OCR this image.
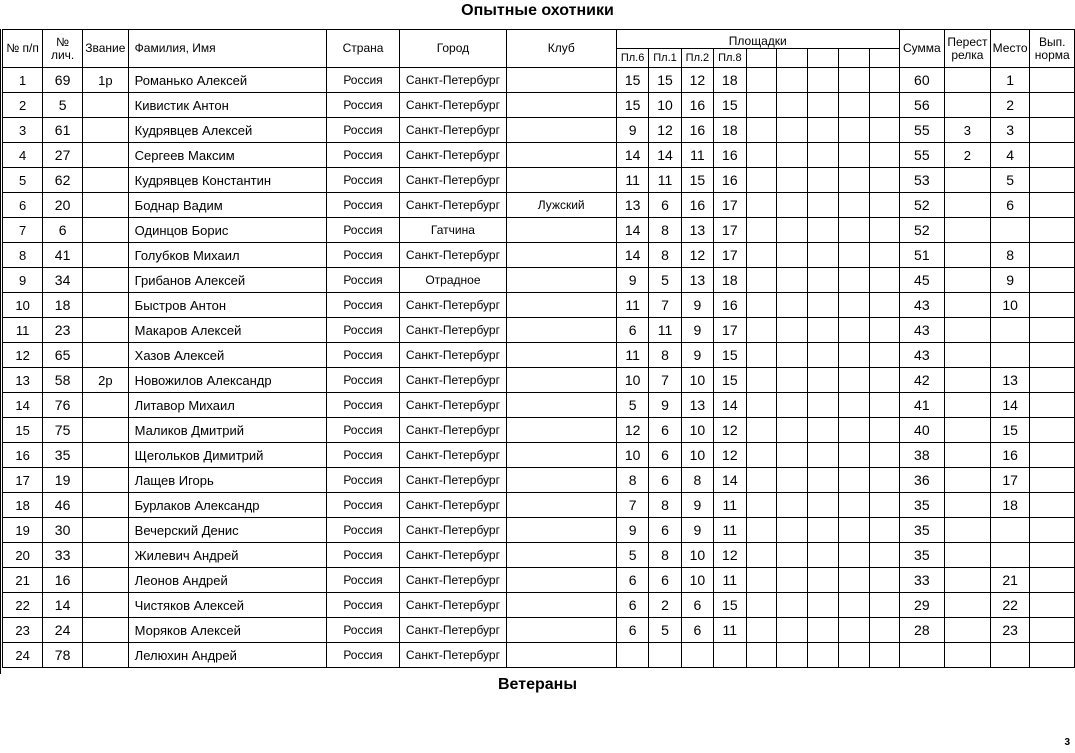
Опытные охотники
№ п/п	№ лич.	Звание	Фамилия, Имя	Страна	Город	Клуб	Площадки									Сумма	Перест релка	Место	Вып. норма
							Пл.6	Пл.1	Пл.2	Пл.8									
1	69	1р	Романько Алексей	Россия	Санкт-Петербург		15	15	12	18						60		1	
2	5		Кивистик Антон	Россия	Санкт-Петербург		15	10	16	15						56		2	
3	61		Кудрявцев Алексей	Россия	Санкт-Петербург		9	12	16	18						55	3	3	
4	27		Сергеев Максим	Россия	Санкт-Петербург		14	14	11	16						55	2	4	
5	62		Кудрявцев Константин	Россия	Санкт-Петербург		11	11	15	16						53		5	
6	20		Боднар Вадим	Россия	Санкт-Петербург	Лужский	13	6	16	17						52		6	
7	6		Одинцов Борис	Россия	Гатчина		14	8	13	17						52			
8	41		Голубков Михаил	Россия	Санкт-Петербург		14	8	12	17						51		8	
9	34		Грибанов Алексей	Россия	Отрадное		9	5	13	18						45		9	
10	18		Быстров Антон	Россия	Санкт-Петербург		11	7	9	16						43		10	
11	23		Макаров Алексей	Россия	Санкт-Петербург		6	11	9	17						43			
12	65		Хазов Алексей	Россия	Санкт-Петербург		11	8	9	15						43			
13	58	2р	Новожилов Александр	Россия	Санкт-Петербург		10	7	10	15						42		13	
14	76		Литавор Михаил	Россия	Санкт-Петербург		5	9	13	14						41		14	
15	75		Маликов Дмитрий	Россия	Санкт-Петербург		12	6	10	12						40		15	
16	35		Щегольков Димитрий	Россия	Санкт-Петербург		10	6	10	12						38		16	
17	19		Лащев Игорь	Россия	Санкт-Петербург		8	6	8	14						36		17	
18	46		Бурлаков Александр	Россия	Санкт-Петербург		7	8	9	11						35		18	
19	30		Вечерский Денис	Россия	Санкт-Петербург		9	6	9	11						35			
20	33		Жилевич Андрей	Россия	Санкт-Петербург		5	8	10	12						35			
21	16		Леонов Андрей	Россия	Санкт-Петербург		6	6	10	11						33		21	
22	14		Чистяков Алексей	Россия	Санкт-Петербург		6	2	6	15						29		22	
23	24		Моряков Алексей	Россия	Санкт-Петербург		6	5	6	11						28		23	
24	78		Лелюхин Андрей	Россия	Санкт-Петербург														
Ветераны
3
